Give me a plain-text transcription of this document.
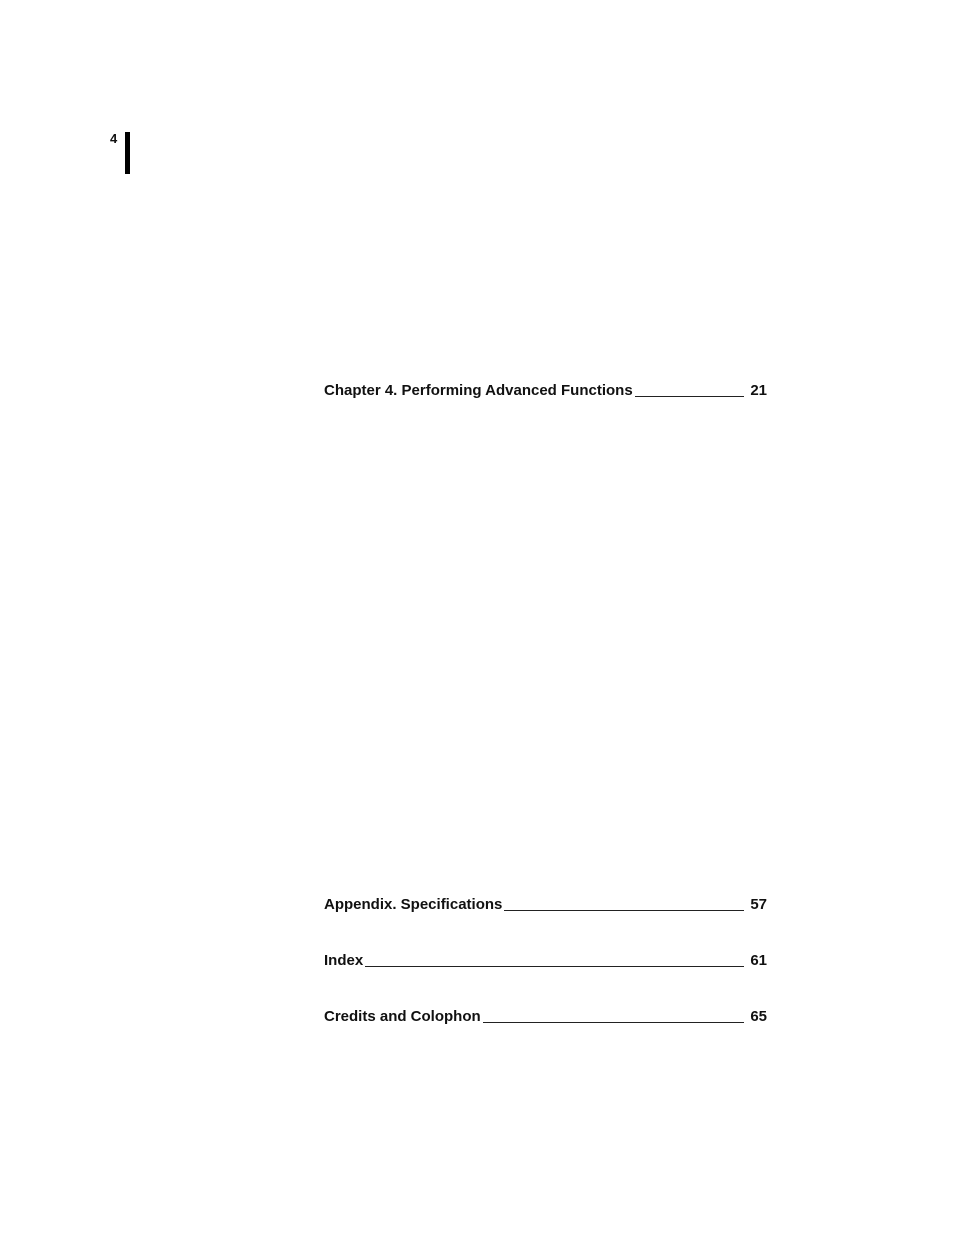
4
Chapter 4. Performing Advanced Functions	21
Appendix. Specifications	57
Index	61
Credits and Colophon	65
